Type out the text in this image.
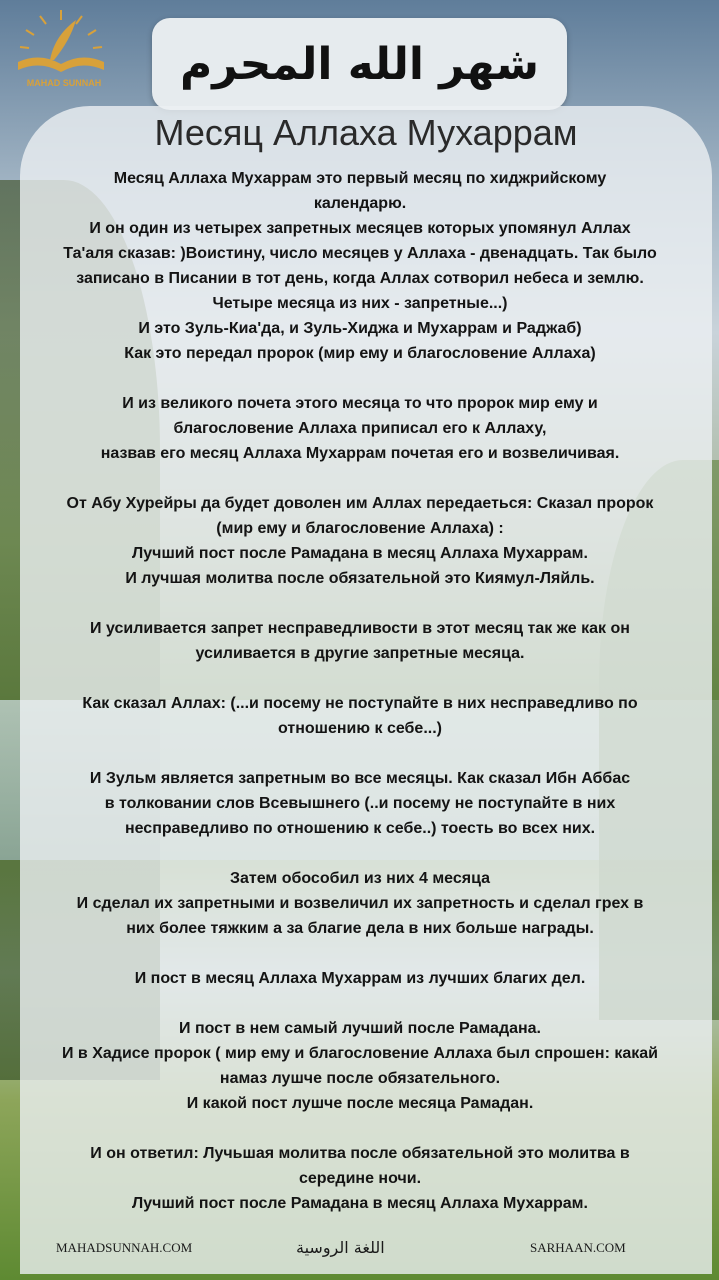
MAHAD SUNNAH شهر الله المحرم
Месяц Аллаха Мухаррам
Месяц Аллаха Мухаррам это первый месяц по хиджрийскому
календарю.
И он один из четырех запретных месяцев которых упомянул Аллах
Та'аля сказав: )Воистину, число месяцев у Аллаха - двенадцать. Так было
записано в Писании в тот день, когда Аллах сотворил небеса и землю.
Четыре месяца из них - запретные...)
И это Зуль-Киа'да, и Зуль-Хиджа и Мухаррам и Раджаб)
Как это передал пророк (мир ему и благословение Аллаха)
И из великого почета этого месяца то что пророк мир ему и
благословение Аллаха приписал его к Аллаху,
назвав его месяц Аллаха Мухаррам почетая его и возвеличивая.
От Абу Хурейры да будет доволен им Аллах передаеться: Сказал пророк
(мир ему и благословение Аллаха) :
Лучший пост после Рамадана в месяц Аллаха Мухаррам.
И лучшая молитва после обязательной это Киямул-Ляйль.
И усиливается запрет несправедливости в этот месяц так же как он
усиливается в другие запретные месяца.
Как сказал Аллах: (...и посему не поступайте в них несправедливо по
отношению к себе...)
И Зульм является запретным во все месяцы. Как сказал Ибн Аббас
в толковании слов Всевышнего (..и посему не поступайте в них
несправедливо по отношению к себе..) тоесть во всех них.
Затем обособил из них 4 месяца
И сделал их запретными и возвеличил их запретность и сделал грех в
них более тяжким а за благие дела в них больше награды.
И пост в месяц Аллаха Мухаррам из лучших благих дел.
И пост в нем самый лучший после Рамадана.
И в Хадисе пророк ( мир ему и благословение Аллаха был спрошен: какай
намаз лушче после обязательного.
И какой пост лушче после месяца Рамадан.
И он ответил: Лучьшая молитва после обязательной это молитва в
середине ночи.
Лучший пост после Рамадана в месяц Аллаха Мухаррам.
MAHADSUNNAH.COM	اللغة الروسية	SARHAAN.COM
